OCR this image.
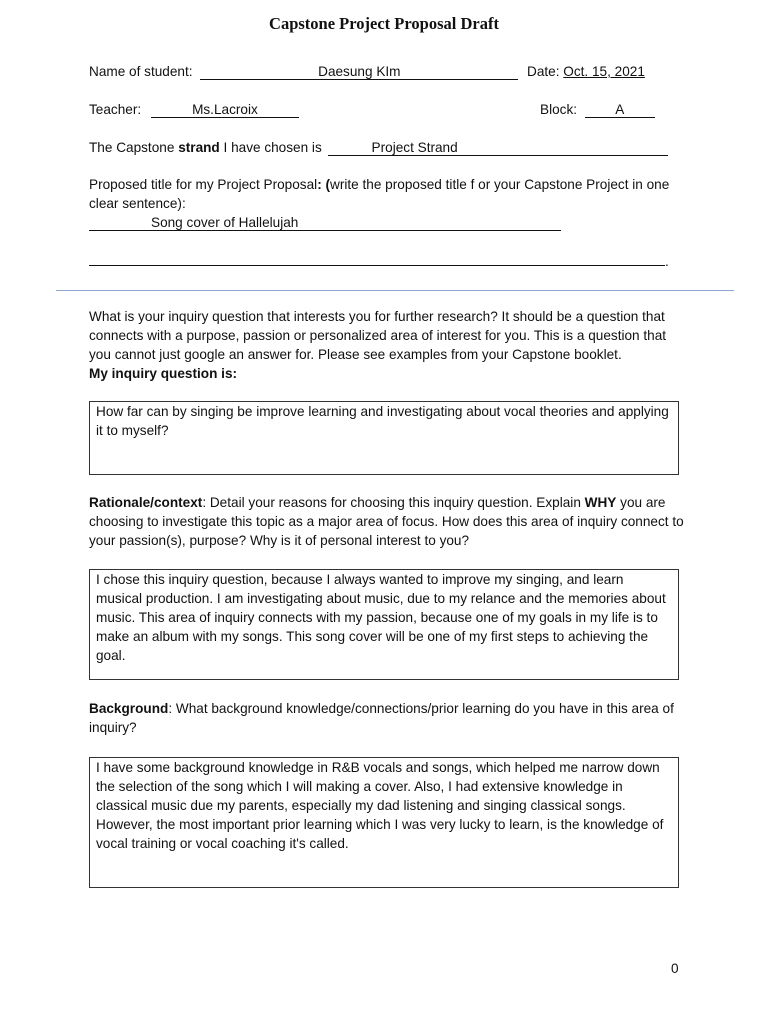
Capstone Project Proposal Draft
Name of student:	Daesung KIm	Date: Oct. 15, 2021
Teacher:	Ms.Lacroix	Block:	A
The Capstone strand I have chosen is	Project Strand
Proposed title for my Project Proposal: (write the proposed title f or your Capstone Project in one clear sentence):
Song cover of Hallelujah
.
What is your inquiry question that interests you for further research? It should be a question that connects with a purpose, passion or personalized area of interest for you. This is a question that you cannot just google an answer for. Please see examples from your Capstone booklet.
My inquiry question is:
How far can by singing be improve learning and investigating about vocal theories and applying it to myself?
Rationale/context: Detail your reasons for choosing this inquiry question. Explain WHY you are choosing to investigate this topic as a major area of focus. How does this area of inquiry connect to your passion(s), purpose? Why is it of personal interest to you?
I chose this inquiry question, because I always wanted to improve my singing, and learn musical production. I am investigating about music, due to my relance and the memories about music. This area of inquiry connects with my passion, because one of my goals in my life is to make an album with my songs. This song cover will be one of my first steps to achieving the goal.
Background: What background knowledge/connections/prior learning do you have in this area of inquiry?
I have some background knowledge in R&B vocals and songs, which helped me narrow down the selection of the song which I will making a cover. Also, I had extensive knowledge in classical music due my parents, especially my dad listening and singing classical songs. However, the most important prior learning which I was very lucky to learn, is the knowledge of vocal training or vocal coaching it's called.
0
